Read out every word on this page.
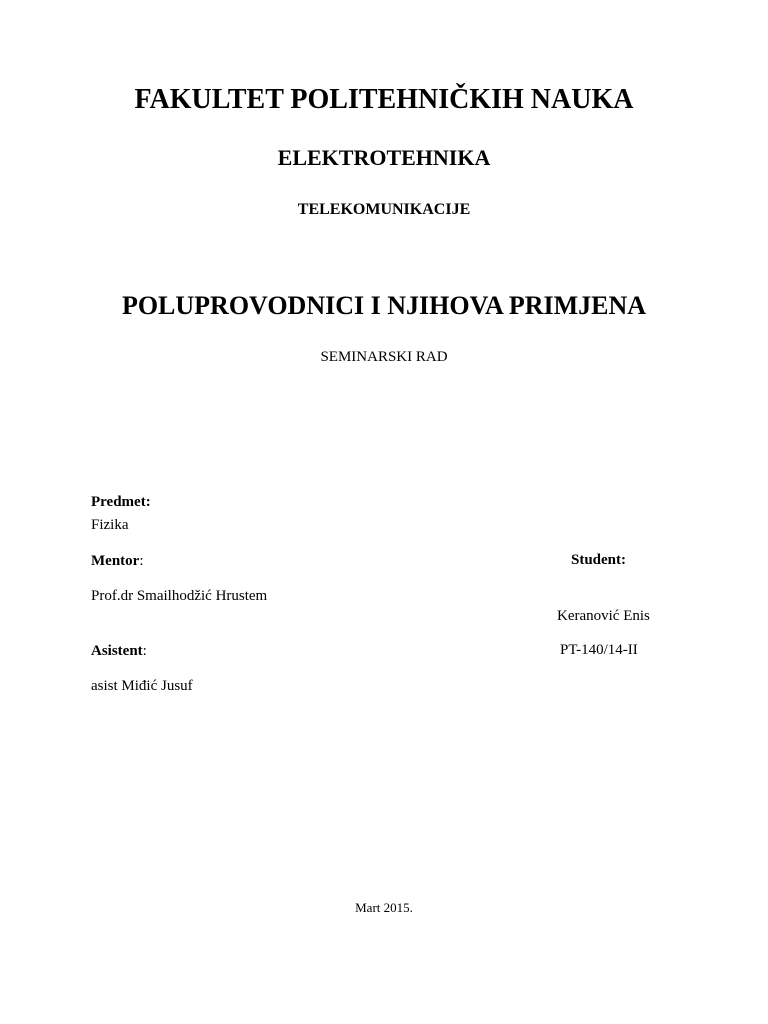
FAKULTET POLITEHNIČKIH NAUKA
ELEKTROTEHNIKA
TELEKOMUNIKACIJE
POLUPROVODNICI I NJIHOVA PRIMJENA
SEMINARSKI RAD
Predmet:
Fizika
Mentor:
Prof.dr Smailhodžić Hrustem
Student:
Keranović Enis
Asistent:	PT-140/14-II
asist Miđić Jusuf
Mart 2015.
